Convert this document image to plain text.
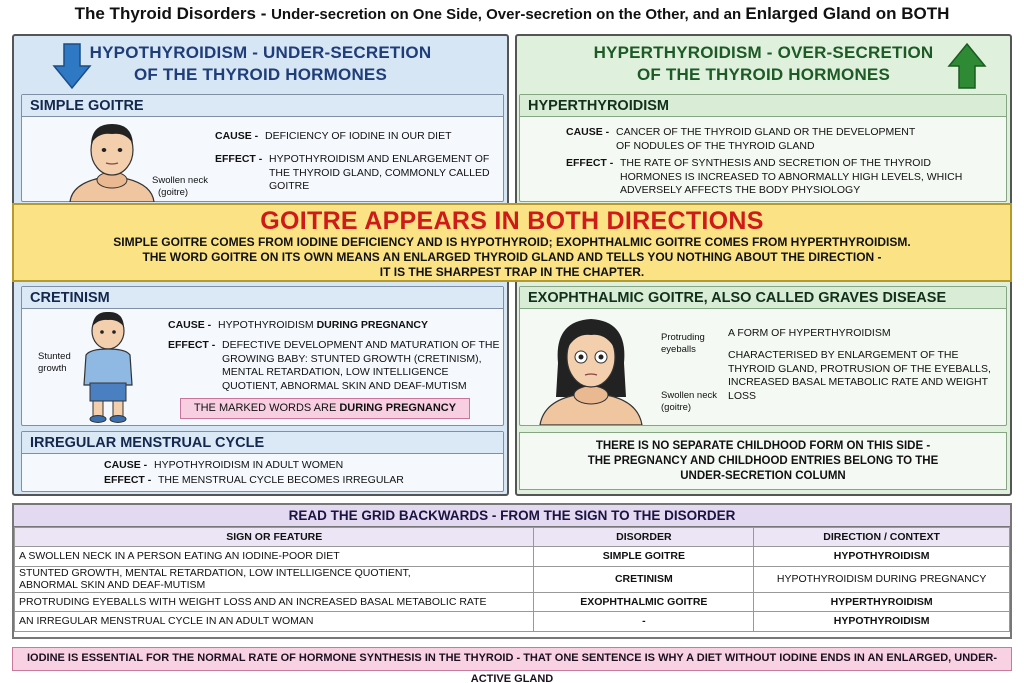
The Thyroid Disorders - Under-secretion on One Side, Over-secretion on the Other, and an Enlarged Gland on BOTH
HYPOTHYROIDISM - UNDER-SECRETION
OF THE THYROID HORMONES
SIMPLE GOITRE
Swollen neck
(goitre)
CAUSE - DEFICIENCY OF IODINE IN OUR DIET
EFFECT - HYPOTHYROIDISM AND ENLARGEMENT OF THE THYROID GLAND, COMMONLY CALLED GOITRE
CRETINISM
Stunted
growth
CAUSE - HYPOTHYROIDISM DURING PREGNANCY
EFFECT - DEFECTIVE DEVELOPMENT AND MATURATION OF THE GROWING BABY: STUNTED GROWTH (CRETINISM), MENTAL RETARDATION, LOW INTELLIGENCE QUOTIENT, ABNORMAL SKIN AND DEAF-MUTISM
THE MARKED WORDS ARE DURING PREGNANCY
IRREGULAR MENSTRUAL CYCLE
CAUSE - HYPOTHYROIDISM IN ADULT WOMEN
EFFECT - THE MENSTRUAL CYCLE BECOMES IRREGULAR
HYPERTHYROIDISM - OVER-SECRETION
OF THE THYROID HORMONES
HYPERTHYROIDISM
CAUSE - CANCER OF THE THYROID GLAND OR THE DEVELOPMENT OF NODULES OF THE THYROID GLAND
EFFECT - THE RATE OF SYNTHESIS AND SECRETION OF THE THYROID HORMONES IS INCREASED TO ABNORMALLY HIGH LEVELS, WHICH ADVERSELY AFFECTS THE BODY PHYSIOLOGY
EXOPHTHALMIC GOITRE, ALSO CALLED GRAVES DISEASE
Protruding
eyeballs
Swollen neck
(goitre)
A FORM OF HYPERTHYROIDISM
CHARACTERISED BY ENLARGEMENT OF THE THYROID GLAND, PROTRUSION OF THE EYEBALLS, INCREASED BASAL METABOLIC RATE AND WEIGHT LOSS
THERE IS NO SEPARATE CHILDHOOD FORM ON THIS SIDE -
THE PREGNANCY AND CHILDHOOD ENTRIES BELONG TO THE
UNDER-SECRETION COLUMN
GOITRE APPEARS IN BOTH DIRECTIONS
SIMPLE GOITRE COMES FROM IODINE DEFICIENCY AND IS HYPOTHYROID; EXOPHTHALMIC GOITRE COMES FROM HYPERTHYROIDISM.
THE WORD GOITRE ON ITS OWN MEANS AN ENLARGED THYROID GLAND AND TELLS YOU NOTHING ABOUT THE DIRECTION -
IT IS THE SHARPEST TRAP IN THE CHAPTER.
READ THE GRID BACKWARDS - FROM THE SIGN TO THE DISORDER
SIGN OR FEATURE	DISORDER	DIRECTION / CONTEXT
A SWOLLEN NECK IN A PERSON EATING AN IODINE-POOR DIET	SIMPLE GOITRE	HYPOTHYROIDISM
STUNTED GROWTH, MENTAL RETARDATION, LOW INTELLIGENCE QUOTIENT, ABNORMAL SKIN AND DEAF-MUTISM	CRETINISM	HYPOTHYROIDISM DURING PREGNANCY
PROTRUDING EYEBALLS WITH WEIGHT LOSS AND AN INCREASED BASAL METABOLIC RATE	EXOPHTHALMIC GOITRE	HYPERTHYROIDISM
AN IRREGULAR MENSTRUAL CYCLE IN AN ADULT WOMAN	-	HYPOTHYROIDISM
IODINE IS ESSENTIAL FOR THE NORMAL RATE OF HORMONE SYNTHESIS IN THE THYROID - THAT ONE SENTENCE IS WHY A DIET WITHOUT IODINE ENDS IN AN ENLARGED, UNDER-ACTIVE GLAND
